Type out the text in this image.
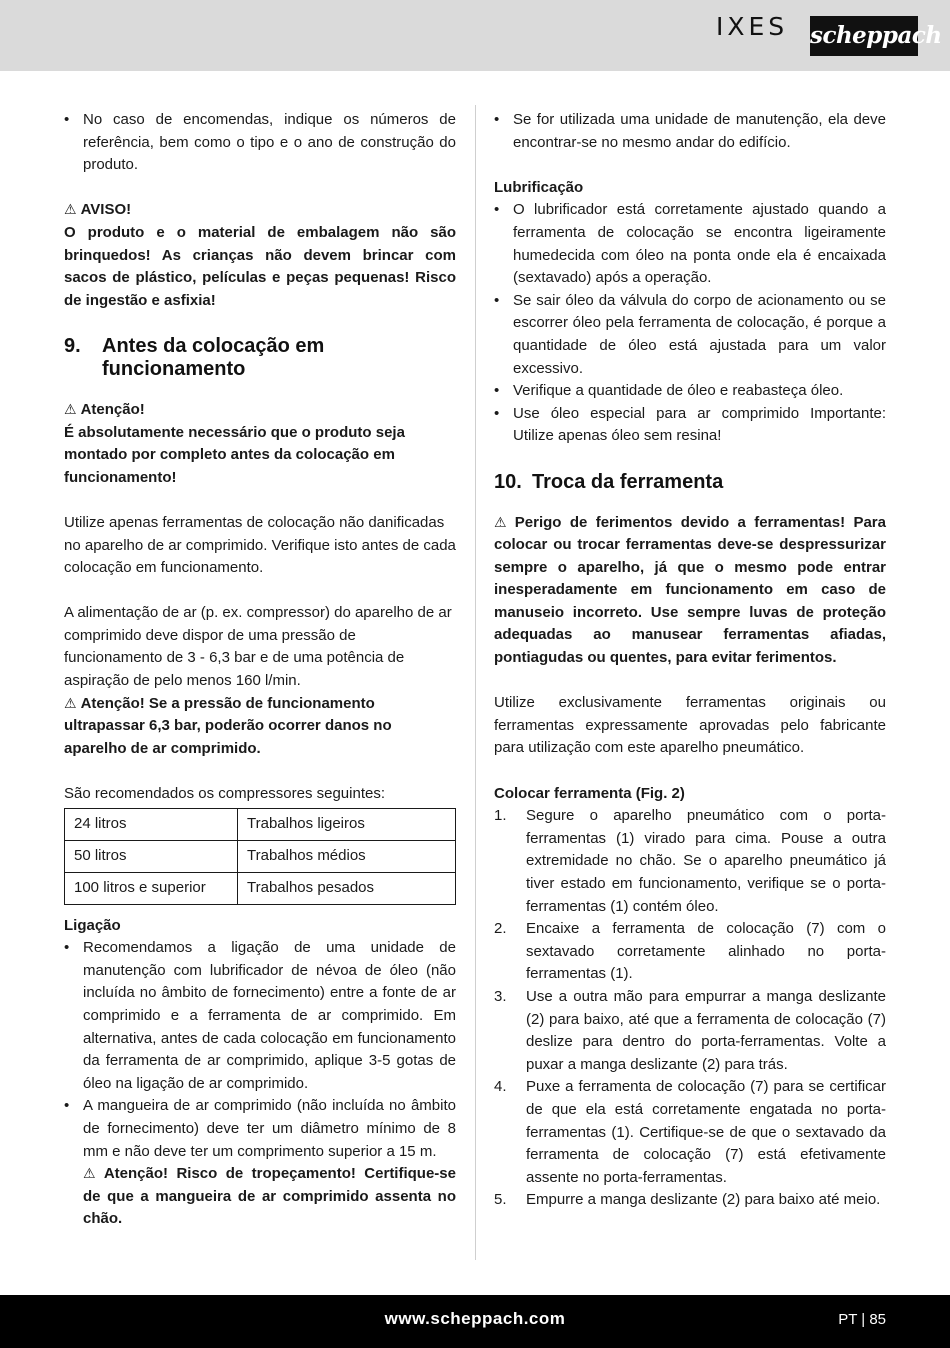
IXES scheppach
• No caso de encomendas, indique os números de referência, bem como o tipo e o ano de construção do produto.
⚠ AVISO!
O produto e o material de embalagem não são brinquedos! As crianças não devem brincar com sacos de plástico, películas e peças pequenas! Risco de ingestão e asfixia!
9.	Antes da colocação em funcionamento
⚠ Atenção!
É absolutamente necessário que o produto seja montado por completo antes da colocação em funcionamento!

Utilize apenas ferramentas de colocação não danificadas no aparelho de ar comprimido. Verifique isto antes de cada colocação em funcionamento.

A alimentação de ar (p. ex. compressor) do aparelho de ar comprimido deve dispor de uma pressão de funcionamento de 3 - 6,3 bar e de uma potência de aspiração de pelo menos 160 l/min.

⚠ Atenção! Se a pressão de funcionamento ultrapassar 6,3 bar, poderão ocorrer danos no aparelho de ar comprimido.

São recomendados os compressores seguintes:

24 litros	Trabalhos ligeiros
50 litros	Trabalhos médios
100 litros e superior	Trabalhos pesados
Ligação
• Recomendamos a ligação de uma unidade de manutenção com lubrificador de névoa de óleo (não incluída no âmbito de fornecimento) entre a fonte de ar comprimido e a ferramenta de ar comprimido. Em alternativa, antes de cada colocação em funcionamento da ferramenta de ar comprimido, aplique 3-5 gotas de óleo na ligação de ar comprimido.
• A mangueira de ar comprimido (não incluída no âmbito de fornecimento) deve ter um diâmetro mínimo de 8 mm e não deve ter um comprimento superior a 15 m.
⚠ Atenção! Risco de tropeçamento! Certifique-se de que a mangueira de ar comprimido assenta no chão.
• Se for utilizada uma unidade de manutenção, ela deve encontrar-se no mesmo andar do edifício.
Lubrificação
• O lubrificador está corretamente ajustado quando a ferramenta de colocação se encontra ligeiramente humedecida com óleo na ponta onde ela é encaixada (sextavado) após a operação.
• Se sair óleo da válvula do corpo de acionamento ou se escorrer óleo pela ferramenta de colocação, é porque a quantidade de óleo está ajustada para um valor excessivo.
• Verifique a quantidade de óleo e reabasteça óleo.
• Use óleo especial para ar comprimido Importante: Utilize apenas óleo sem resina!
10. Troca da ferramenta

⚠ Perigo de ferimentos devido a ferramentas! Para colocar ou trocar ferramentas deve-se despressurizar sempre o aparelho, já que o mesmo pode entrar inesperadamente em funcionamento em caso de manuseio incorreto. Use sempre luvas de proteção adequadas ao manusear ferramentas afiadas, pontiagudas ou quentes, para evitar ferimentos.

Utilize exclusivamente ferramentas originais ou ferramentas expressamente aprovadas pelo fabricante para utilização com este aparelho pneumático.

Colocar ferramenta (Fig. 2)
1. Segure o aparelho pneumático com o porta-ferramentas (1) virado para cima. Pouse a outra extremidade no chão. Se o aparelho pneumático já tiver estado em funcionamento, verifique se o porta-ferramentas (1) contém óleo.
2. Encaixe a ferramenta de colocação (7) com o sextavado corretamente alinhado no porta-ferramentas (1).
3. Use a outra mão para empurrar a manga deslizante (2) para baixo, até que a ferramenta de colocação (7) deslize para dentro do porta-ferramentas. Volte a puxar a manga deslizante (2) para trás.
4. Puxe a ferramenta de colocação (7) para se certificar de que ela está corretamente engatada no porta-ferramentas (1). Certifique-se de que o sextavado da ferramenta de colocação (7) está efetivamente assente no porta-ferramentas.
5. Empurre a manga deslizante (2) para baixo até meio.
www.scheppach.com	PT | 85
